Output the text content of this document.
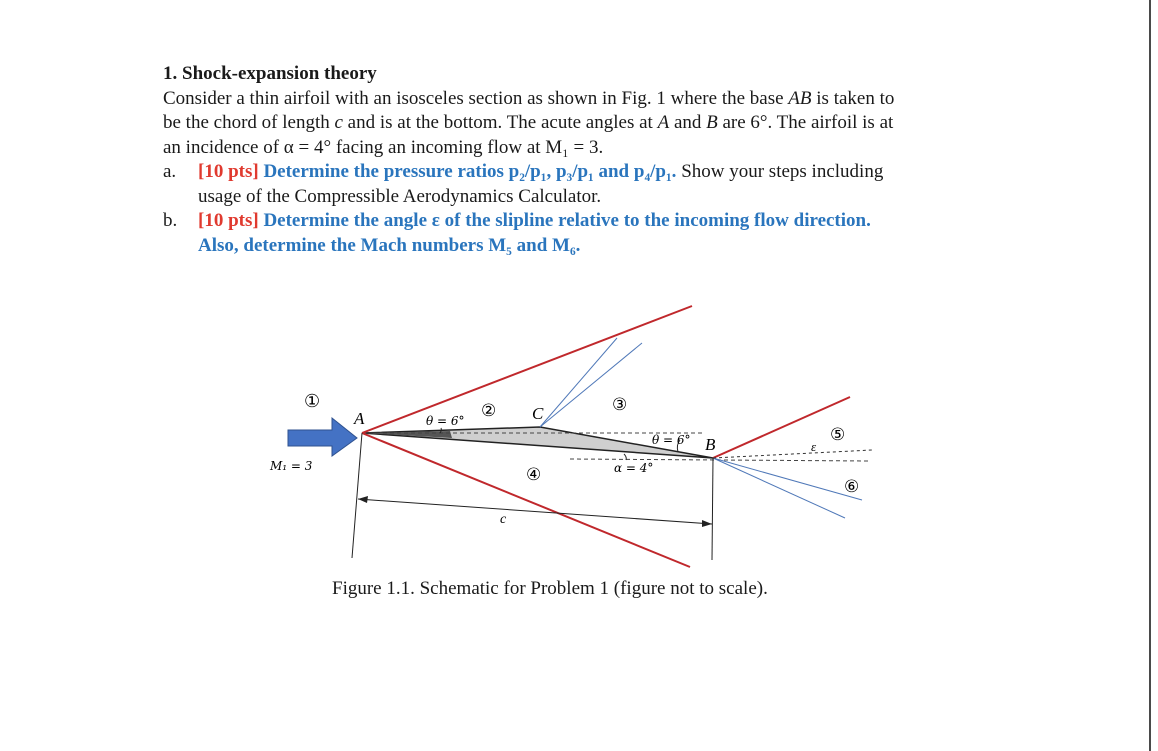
1. Shock-expansion theory
Consider a thin airfoil with an isosceles section as shown in Fig. 1 where the base AB is taken to
be the chord of length c and is at the bottom. The acute angles at A and B are 6°. The airfoil is at
an incidence of α = 4° facing an incoming flow at M₁ = 3.
a.	[10 pts] Determine the pressure ratios p₂/p₁, p₃/p₁ and p₄/p₁. Show your steps including
usage of the Compressible Aerodynamics Calculator.
b.	[10 pts] Determine the angle ε of the slipline relative to the incoming flow direction.
Also, determine the Mach numbers M₅ and M₆.
①	②	③
④
⑤
⑥
A
B
C
M₁ = 3
θ = 6°
θ = 6°
α = 4°
ε
c
Figure 1.1. Schematic for Problem 1 (figure not to scale).
